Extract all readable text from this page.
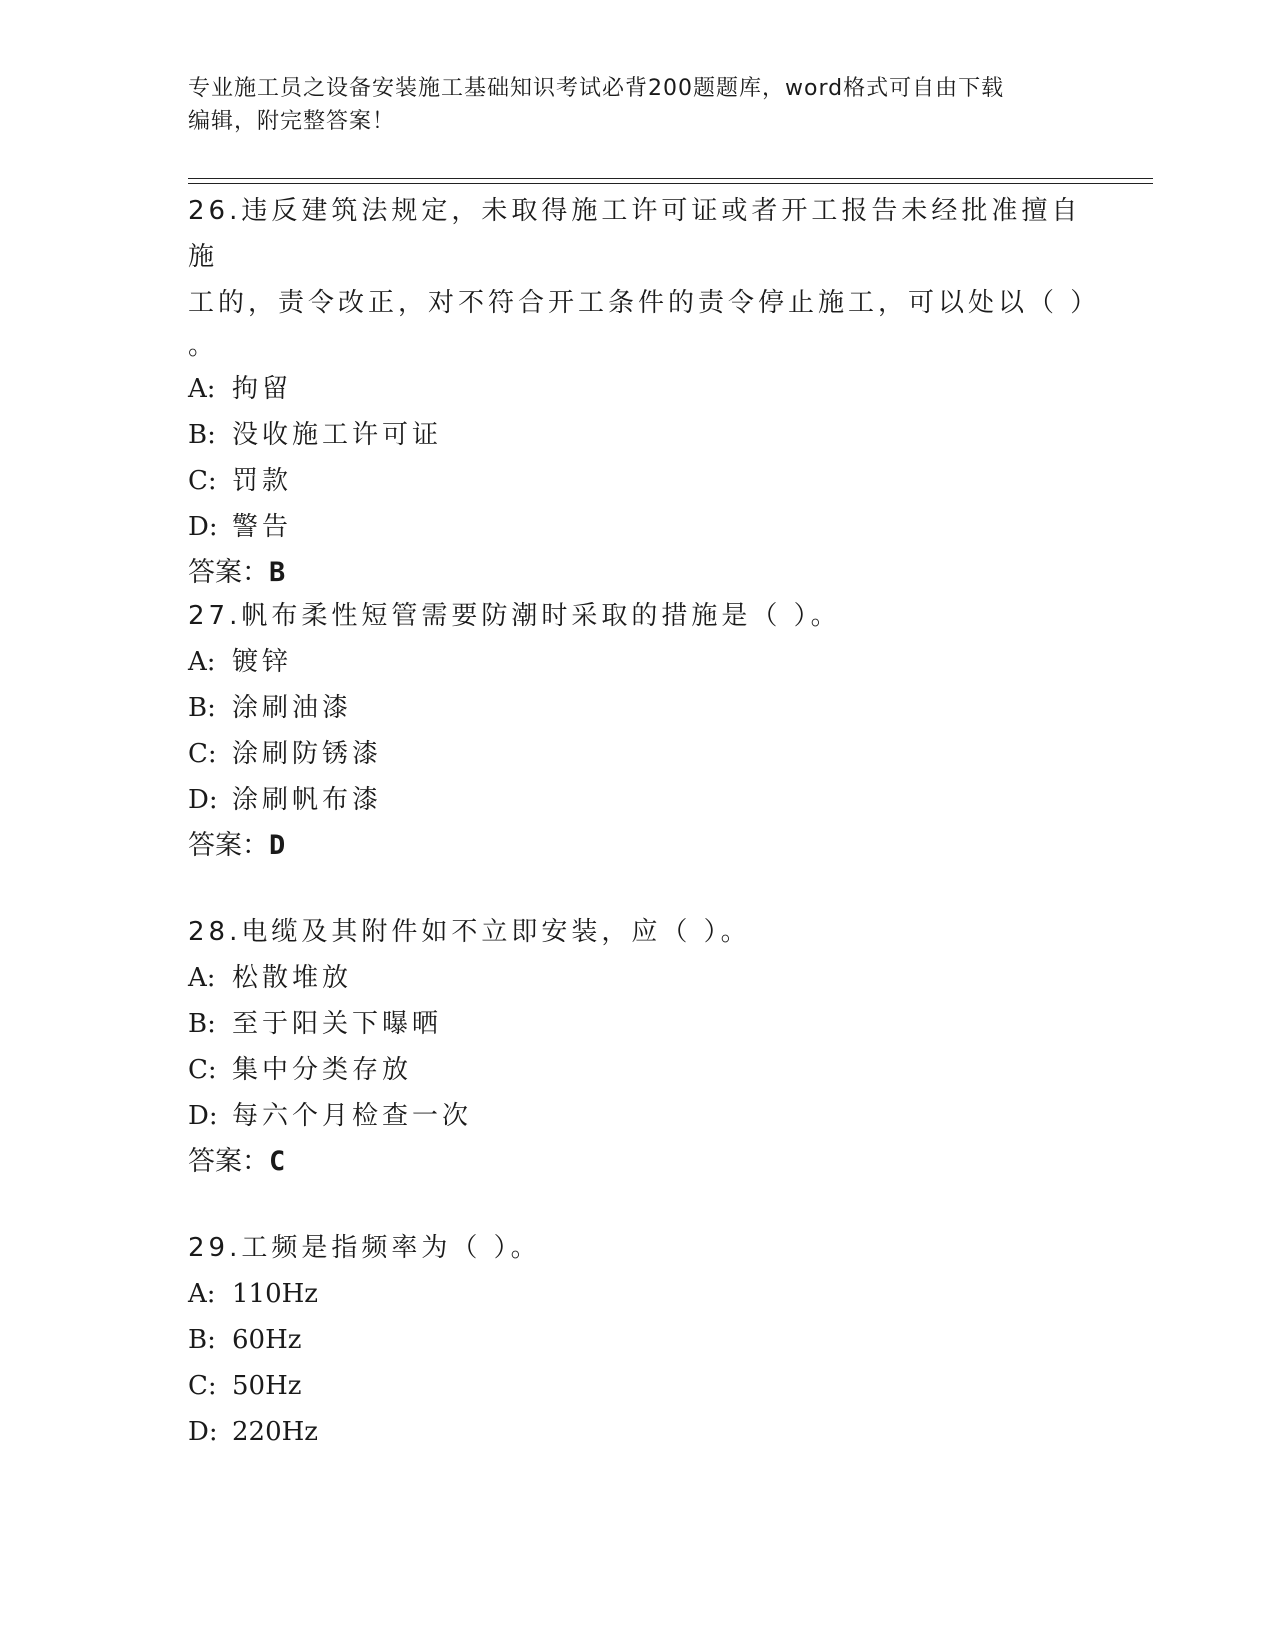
专业施工员之设备安装施工基础知识考试必背200题题库，word格式可自由下载
编辑，附完整答案！

26.违反建筑法规定，未取得施工许可证或者开工报告未经批准擅自施

工的，责令改正，对不符合开工条件的责令停止施工，可以处以（ ）

。

A: 拘留

B: 没收施工许可证

C: 罚款

D: 警告

答案：B

27.帆布柔性短管需要防潮时采取的措施是（ ）。

A: 镀锌

B: 涂刷油漆

C: 涂刷防锈漆

D: 涂刷帆布漆

答案：D

28.电缆及其附件如不立即安装，应（ ）。

A: 松散堆放

B: 至于阳关下曝晒

C: 集中分类存放

D: 每六个月检查一次

答案：C

29.工频是指频率为（ ）。

A: 110Hz

B: 60Hz

C: 50Hz

D: 220Hz
